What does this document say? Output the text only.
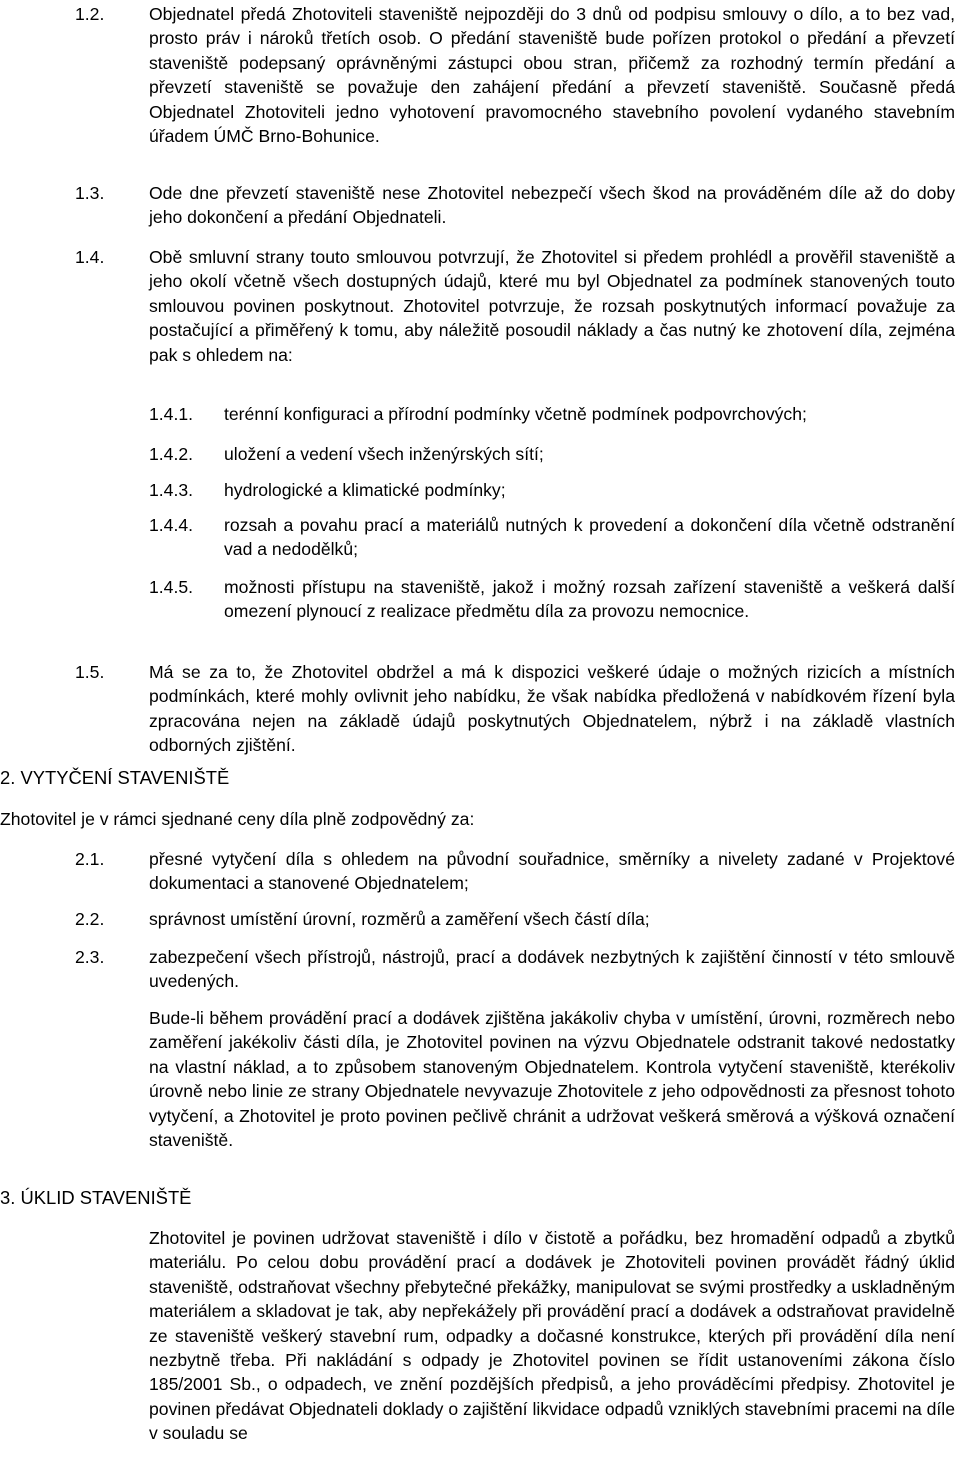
1.2.	Objednatel předá Zhotoviteli staveniště nejpozději do 3 dnů od podpisu smlouvy o dílo, a to bez vad, prosto práv i nároků třetích osob. O předání staveniště bude pořízen protokol o předání a převzetí staveniště podepsaný oprávněnými zástupci obou stran, přičemž za rozhodný termín předání a převzetí staveniště se považuje den zahájení předání a převzetí staveniště. Současně předá Objednatel Zhotoviteli jedno vyhotovení pravomocného stavebního povolení vydaného stavebním úřadem ÚMČ Brno-Bohunice.
1.3.	Ode dne převzetí staveniště nese Zhotovitel nebezpečí všech škod na prováděném díle až do doby jeho dokončení a předání Objednateli.
1.4.	Obě smluvní strany touto smlouvou potvrzují, že Zhotovitel si předem prohlédl a prověřil staveniště a jeho okolí včetně všech dostupných údajů, které mu byl Objednatel za podmínek stanovených touto smlouvou povinen poskytnout. Zhotovitel potvrzuje, že rozsah poskytnutých informací považuje za postačující a přiměřený k tomu, aby náležitě posoudil náklady a čas nutný ke zhotovení díla, zejména pak s ohledem na:
1.4.1. terénní konfiguraci a přírodní podmínky včetně podmínek podpovrchových;
1.4.2. uložení a vedení všech inženýrských sítí;
1.4.3. hydrologické a klimatické podmínky;
1.4.4. rozsah a povahu prací a materiálů nutných k provedení a dokončení díla včetně odstranění vad a nedodělků;
1.4.5. možnosti přístupu na staveniště, jakož i možný rozsah zařízení staveniště a veškerá další omezení plynoucí z realizace předmětu díla za provozu nemocnice.
1.5.	Má se za to, že Zhotovitel obdržel a má k dispozici veškeré údaje o možných rizicích a místních podmínkách, které mohly ovlivnit jeho nabídku, že však nabídka předložená v nabídkovém řízení byla zpracována nejen na základě údajů poskytnutých Objednatelem, nýbrž i na základě vlastních odborných zjištění.
2. VYTYČENÍ STAVENIŠTĚ
Zhotovitel je v rámci sjednané ceny díla plně zodpovědný za:
2.1.	přesné vytyčení díla s ohledem na původní souřadnice, směrníky a nivelety zadané v Projektové dokumentaci a stanovené Objednatelem;
2.2.	správnost umístění úrovní, rozměrů a zaměření všech částí díla;
2.3.	zabezpečení všech přístrojů, nástrojů, prací a dodávek nezbytných k zajištění činností v této smlouvě uvedených.
Bude-li během provádění prací a dodávek zjištěna jakákoliv chyba v umístění, úrovni, rozměrech nebo zaměření jakékoliv části díla, je Zhotovitel povinen na výzvu Objednatele odstranit takové nedostatky na vlastní náklad, a to způsobem stanoveným Objednatelem. Kontrola vytyčení staveniště, kterékoliv úrovně nebo linie ze strany Objednatele nevyvazuje Zhotovitele z jeho odpovědnosti za přesnost tohoto vytyčení, a Zhotovitel je proto povinen pečlivě chránit a udržovat veškerá směrová a výšková označení staveniště.
3. ÚKLID STAVENIŠTĚ
Zhotovitel je povinen udržovat staveniště i dílo v čistotě a pořádku, bez hromadění odpadů a zbytků materiálu. Po celou dobu provádění prací a dodávek je Zhotoviteli povinen provádět řádný úklid staveniště, odstraňovat všechny přebytečné překážky, manipulovat se svými prostředky a uskladněným materiálem a skladovat je tak, aby nepřekážely při provádění prací a dodávek a odstraňovat pravidelně ze staveniště veškerý stavební rum, odpadky a dočasné konstrukce, kterých při provádění díla není nezbytně třeba. Při nakládání s odpady je Zhotovitel povinen se řídit ustanoveními zákona číslo 185/2001 Sb., o odpadech, ve znění pozdějších předpisů, a jeho prováděcími předpisy. Zhotovitel je povinen předávat Objednateli doklady o zajištění likvidace odpadů vzniklých stavebními pracemi na díle v souladu se
